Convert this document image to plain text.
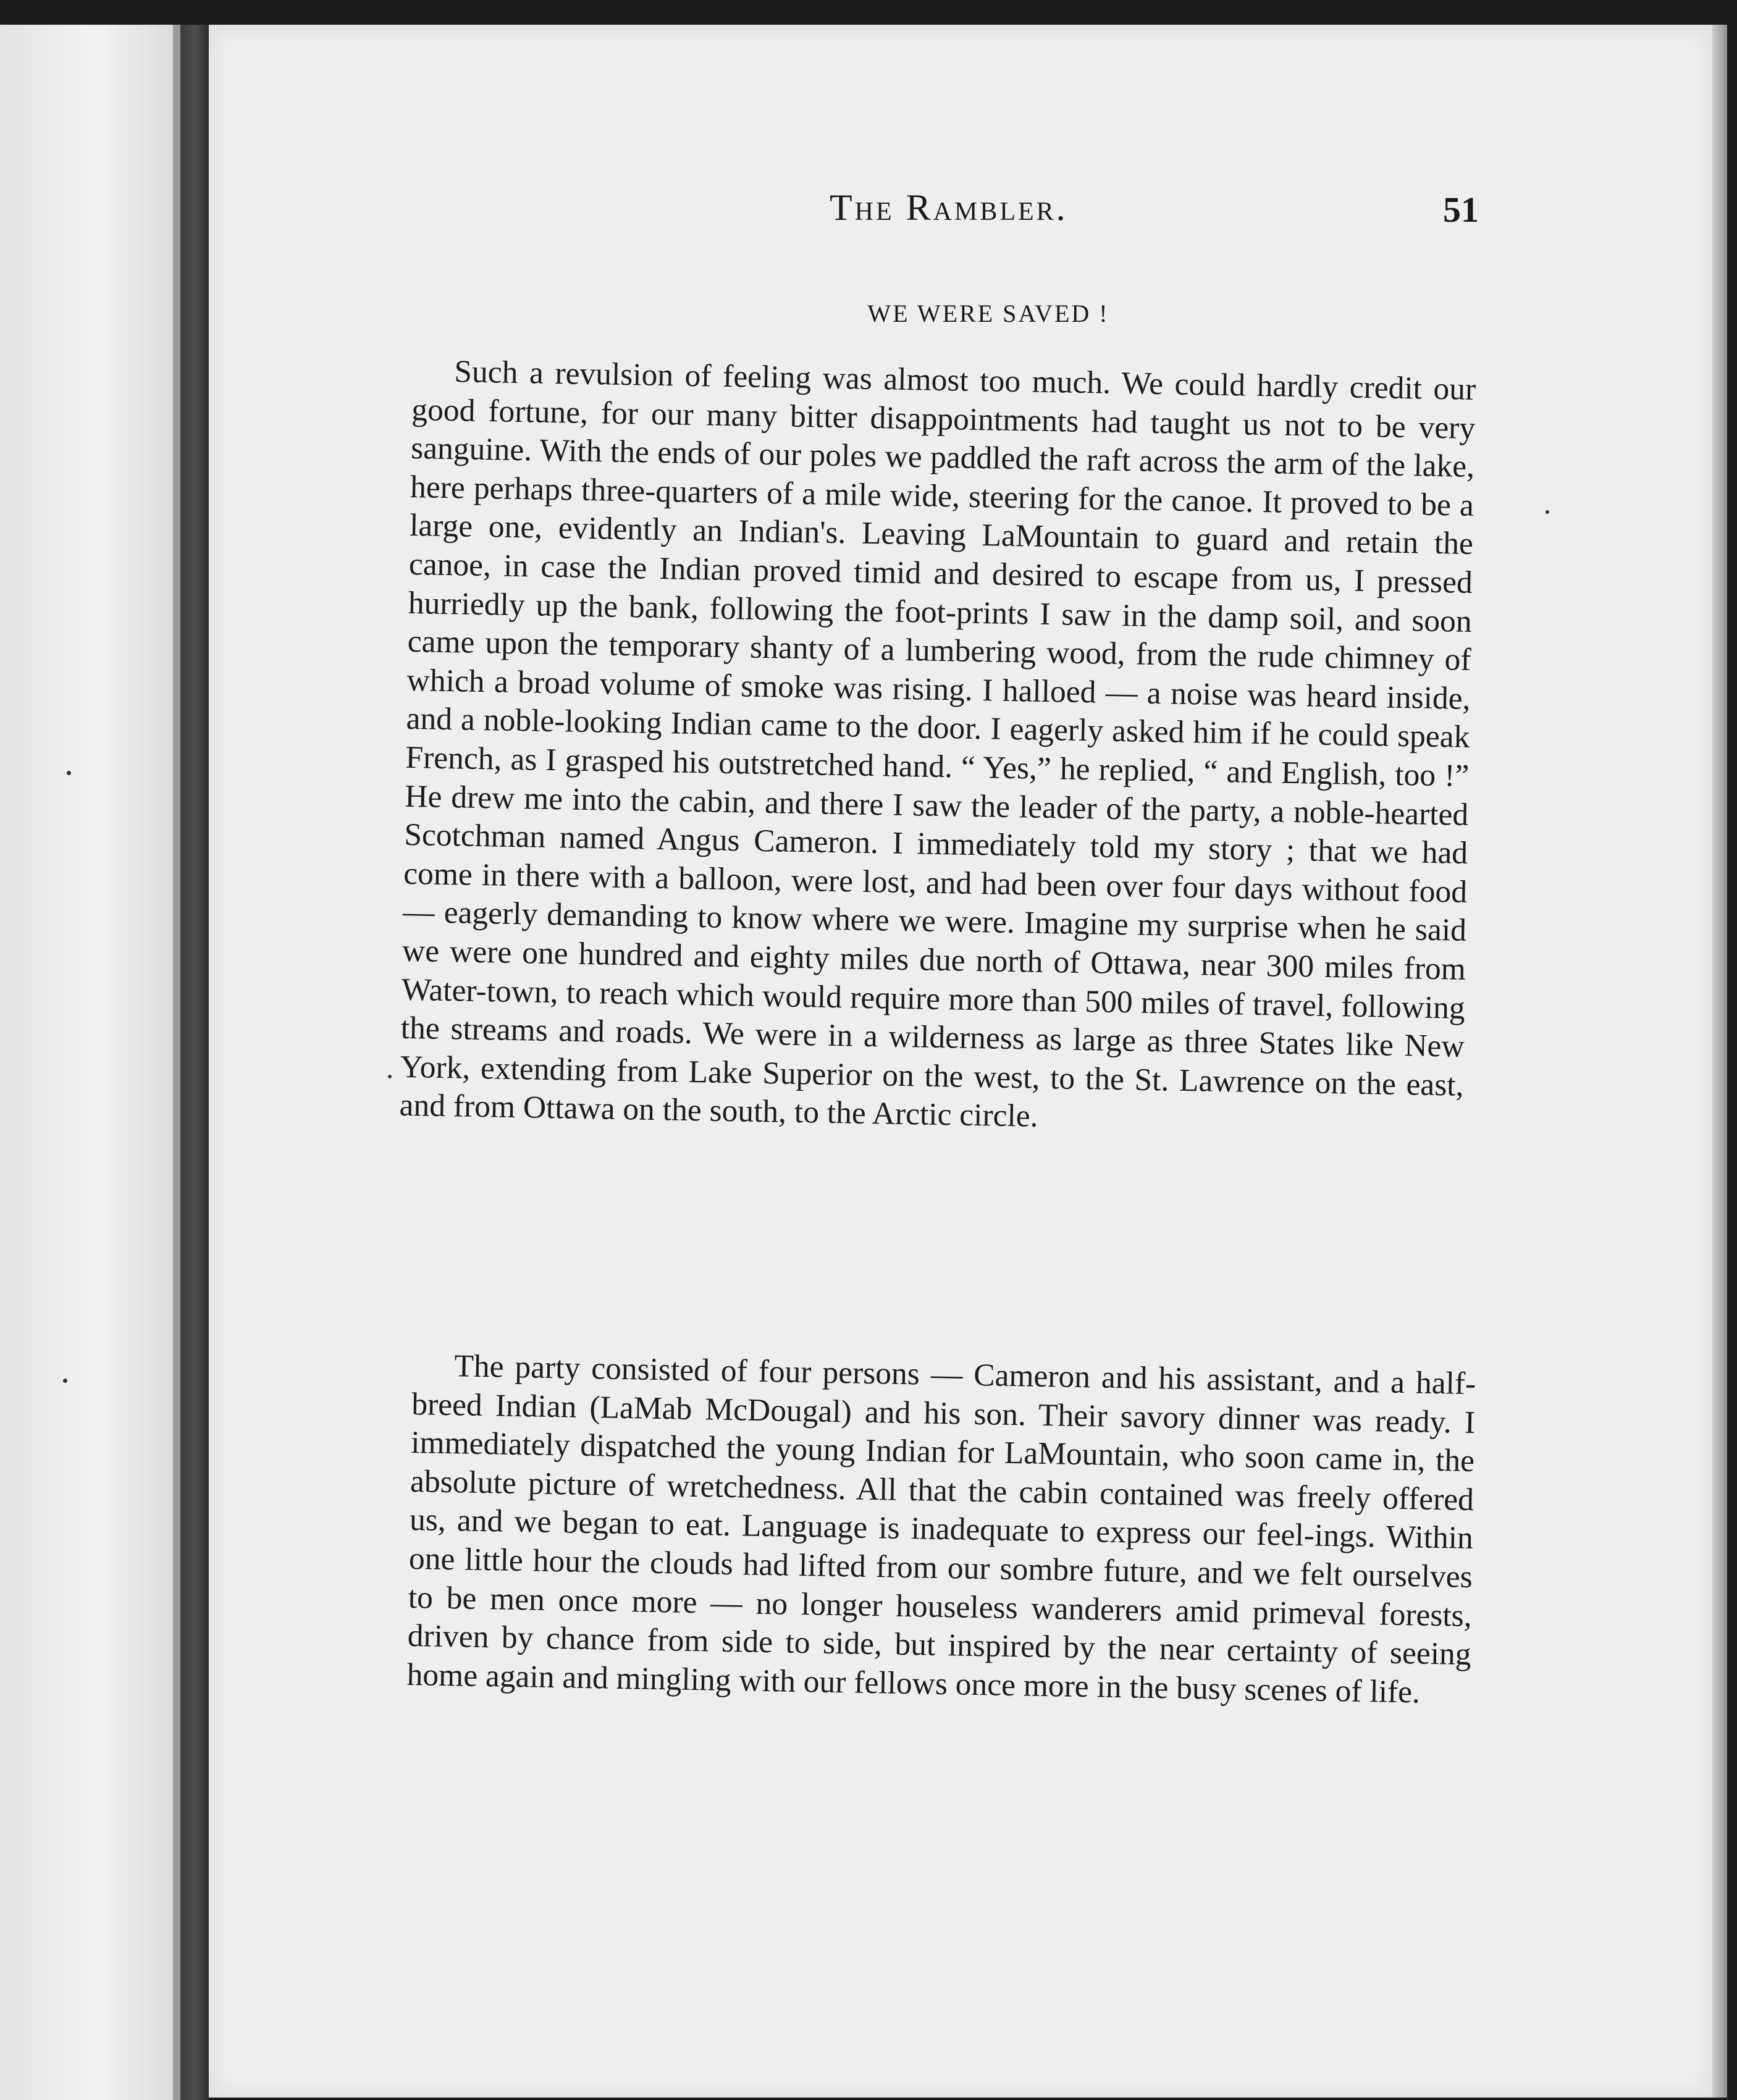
The Rambler.	51
WE WERE SAVED !

Such a revulsion of feeling was almost too much. We could hardly credit our good fortune, for our many bitter disappointments had taught us not to be very sanguine. With the ends of our poles we paddled the raft across the arm of the lake, here perhaps three-quarters of a mile wide, steering for the canoe. It proved to be a large one, evidently an Indian's. Leaving LaMountain to guard and retain the canoe, in case the Indian proved timid and desired to escape from us, I pressed hurriedly up the bank, following the foot-prints I saw in the damp soil, and soon came upon the temporary shanty of a lumbering wood, from the rude chimney of which a broad volume of smoke was rising. I halloed — a noise was heard inside, and a noble-looking Indian came to the door. I eagerly asked him if he could speak French, as I grasped his outstretched hand. “ Yes,” he replied, “ and English, too !” He drew me into the cabin, and there I saw the leader of the party, a noble-hearted Scotchman named Angus Cameron. I immediately told my story ; that we had come in there with a balloon, were lost, and had been over four days without food — eagerly demanding to know where we were. Imagine my surprise when he said we were one hundred and eighty miles due north of Ottawa, near 300 miles from Water-town, to reach which would require more than 500 miles of travel, following the streams and roads. We were in a wilderness as large as three States like New York, extending from Lake Superior on the west, to the St. Lawrence on the east, and from Ottawa on the south, to the Arctic circle.

The party consisted of four persons — Cameron and his assistant, and a half-breed Indian (LaMab McDougal) and his son. Their savory dinner was ready. I immediately dispatched the young Indian for LaMountain, who soon came in, the absolute picture of wretchedness. All that the cabin contained was freely offered us, and we began to eat. Language is inadequate to express our feel-ings. Within one little hour the clouds had lifted from our sombre future, and we felt ourselves to be men once more — no longer houseless wanderers amid primeval forests, driven by chance from side to side, but inspired by the near certainty of seeing home again and mingling with our fellows once more in the busy scenes of life.
